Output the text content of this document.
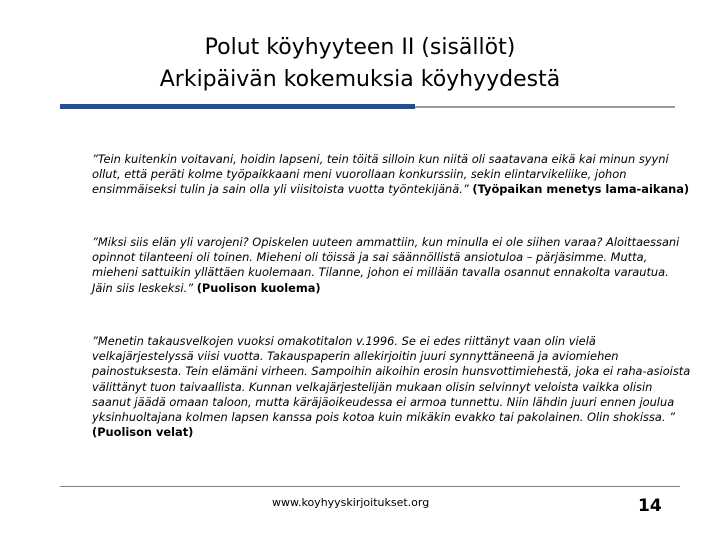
Polut köyhyyteen II (sisällöt)
Arkipäivän kokemuksia köyhyydestä
”Tein kuitenkin voitavani, hoidin lapseni, tein töitä silloin kun niitä oli saatavana eikä kai minun syyni ollut, että peräti kolme työpaikkaani meni vuorollaan konkurssiin, sekin elintarvikeliike, johon ensimmäiseksi tulin ja sain olla yli viisitoista vuotta työntekijänä.” (Työpaikan menetys lama-aikana)
”Miksi siis elän yli varojeni? Opiskelen uuteen ammattiin, kun minulla ei ole siihen varaa? Aloittaessani opinnot tilanteeni oli toinen. Mieheni oli töissä ja sai säännöllistä ansiotuloa – pärjäsimme. Mutta, mieheni sattuikin yllättäen kuolemaan. Tilanne, johon ei millään tavalla osannut ennakolta varautua. Jäin siis leskeksi.” (Puolison kuolema)
”Menetin takausvelkojen vuoksi omakotitalon v.1996. Se ei edes riittänyt vaan olin vielä velkajärjestelyssä viisi vuotta. Takauspaperin allekirjoitin juuri synnyttäneenä ja aviomiehen painostuksesta. Tein elämäni virheen. Sampoihin aikoihin erosin hunsvottimiehestä, joka ei raha-asioista välittänyt tuon taivaallista. Kunnan velkajärjestelijän mukaan olisin selvinnyt veloista vaikka olisin saanut jäädä omaan taloon, mutta käräjäoikeudessa ei armoa tunnettu. Niin lähdin juuri ennen joulua yksinhuoltajana kolmen lapsen kanssa pois kotoa kuin mikäkin evakko tai pakolainen. Olin shokissa. ” (Puolison velat)
www.koyhyyskirjoitukset.org	14
